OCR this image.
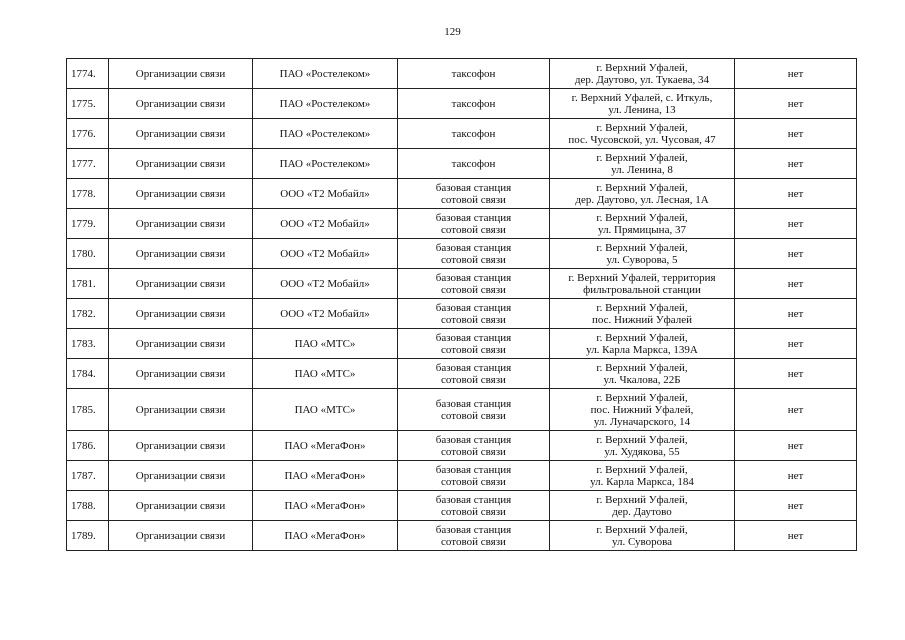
129
1774.	Организации связи	ПАО «Ростелеком»	таксофон	г. Верхний Уфалей,
дер. Даутово, ул. Тукаева, 34	нет
1775.	Организации связи	ПАО «Ростелеком»	таксофон	г. Верхний Уфалей, с. Иткуль,
ул. Ленина, 13	нет
1776.	Организации связи	ПАО «Ростелеком»	таксофон	г. Верхний Уфалей,
пос. Чусовской, ул. Чусовая, 47	нет
1777.	Организации связи	ПАО «Ростелеком»	таксофон	г. Верхний Уфалей,
ул. Ленина, 8	нет
1778.	Организации связи	ООО «Т2 Мобайл»	базовая станция
сотовой связи	г. Верхний Уфалей,
дер. Даутово, ул. Лесная, 1А	нет
1779.	Организации связи	ООО «Т2 Мобайл»	базовая станция
сотовой связи	г. Верхний Уфалей,
ул. Прямицына, 37	нет
1780.	Организации связи	ООО «Т2 Мобайл»	базовая станция
сотовой связи	г. Верхний Уфалей,
ул. Суворова, 5	нет
1781.	Организации связи	ООО «Т2 Мобайл»	базовая станция
сотовой связи	г. Верхний Уфалей, территория
фильтровальной станции	нет
1782.	Организации связи	ООО «Т2 Мобайл»	базовая станция
сотовой связи	г. Верхний Уфалей,
пос. Нижний Уфалей	нет
1783.	Организации связи	ПАО «МТС»	базовая станция
сотовой связи	г. Верхний Уфалей,
ул. Карла Маркса, 139А	нет
1784.	Организации связи	ПАО «МТС»	базовая станция
сотовой связи	г. Верхний Уфалей,
ул. Чкалова, 22Б	нет
1785.	Организации связи	ПАО «МТС»	базовая станция
сотовой связи	г. Верхний Уфалей,
пос. Нижний Уфалей,
ул. Луначарского, 14	нет
1786.	Организации связи	ПАО «МегаФон»	базовая станция
сотовой связи	г. Верхний Уфалей,
ул. Худякова, 55	нет
1787.	Организации связи	ПАО «МегаФон»	базовая станция
сотовой связи	г. Верхний Уфалей,
ул. Карла Маркса, 184	нет
1788.	Организации связи	ПАО «МегаФон»	базовая станция
сотовой связи	г. Верхний Уфалей,
дер. Даутово	нет
1789.	Организации связи	ПАО «МегаФон»	базовая станция
сотовой связи	г. Верхний Уфалей,
ул. Суворова	нет
